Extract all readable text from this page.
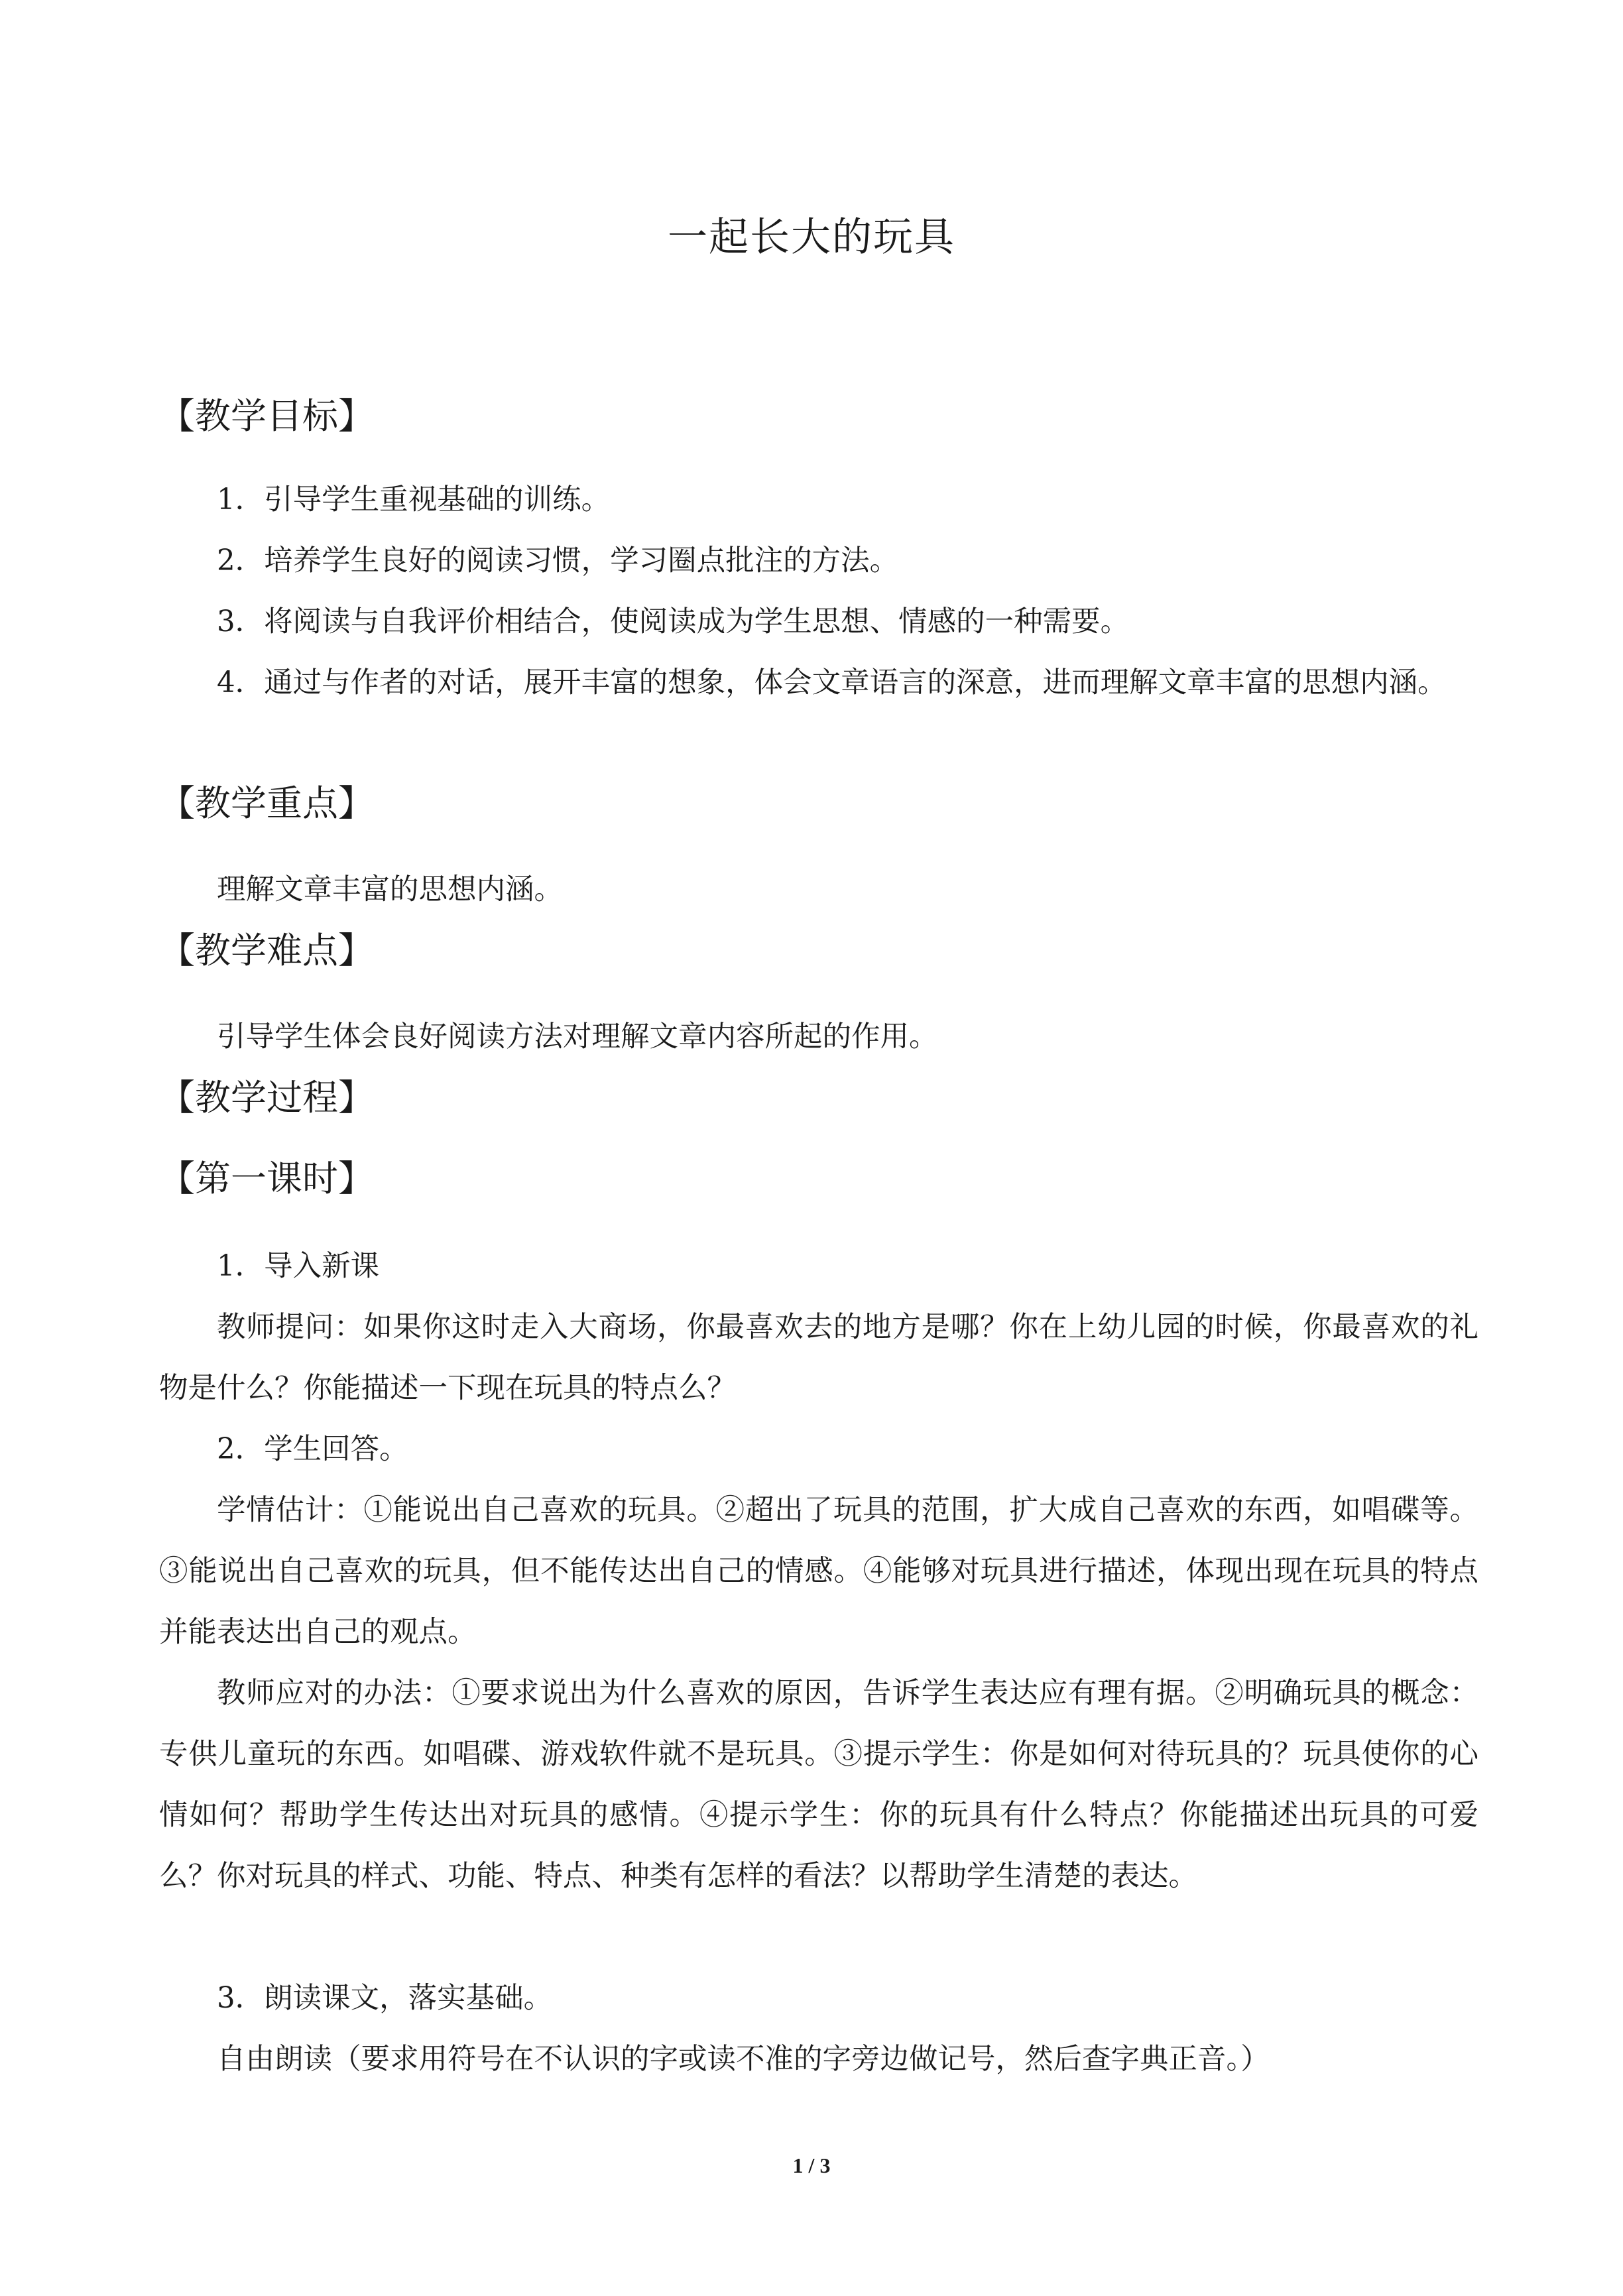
一起长大的玩具
【教学目标】
1．引导学生重视基础的训练。
2．培养学生良好的阅读习惯，学习圈点批注的方法。
3．将阅读与自我评价相结合，使阅读成为学生思想、情感的一种需要。
4．通过与作者的对话，展开丰富的想象，体会文章语言的深意，进而理解文章丰富的思想内涵。
【教学重点】
理解文章丰富的思想内涵。
【教学难点】
引导学生体会良好阅读方法对理解文章内容所起的作用。
【教学过程】
【第一课时】
1．导入新课
教师提问：如果你这时走入大商场，你最喜欢去的地方是哪？你在上幼儿园的时候，你最喜欢的礼物是什么？你能描述一下现在玩具的特点么？
2．学生回答。
学情估计：①能说出自己喜欢的玩具。②超出了玩具的范围，扩大成自己喜欢的东西，如唱碟等。③能说出自己喜欢的玩具，但不能传达出自己的情感。④能够对玩具进行描述，体现出现在玩具的特点并能表达出自己的观点。
教师应对的办法：①要求说出为什么喜欢的原因，告诉学生表达应有理有据。②明确玩具的概念：专供儿童玩的东西。如唱碟、游戏软件就不是玩具。③提示学生：你是如何对待玩具的？玩具使你的心情如何？帮助学生传达出对玩具的感情。④提示学生：你的玩具有什么特点？你能描述出玩具的可爱么？你对玩具的样式、功能、特点、种类有怎样的看法？以帮助学生清楚的表达。
3．朗读课文，落实基础。
自由朗读（要求用符号在不认识的字或读不准的字旁边做记号，然后查字典正音。）
1 / 3
